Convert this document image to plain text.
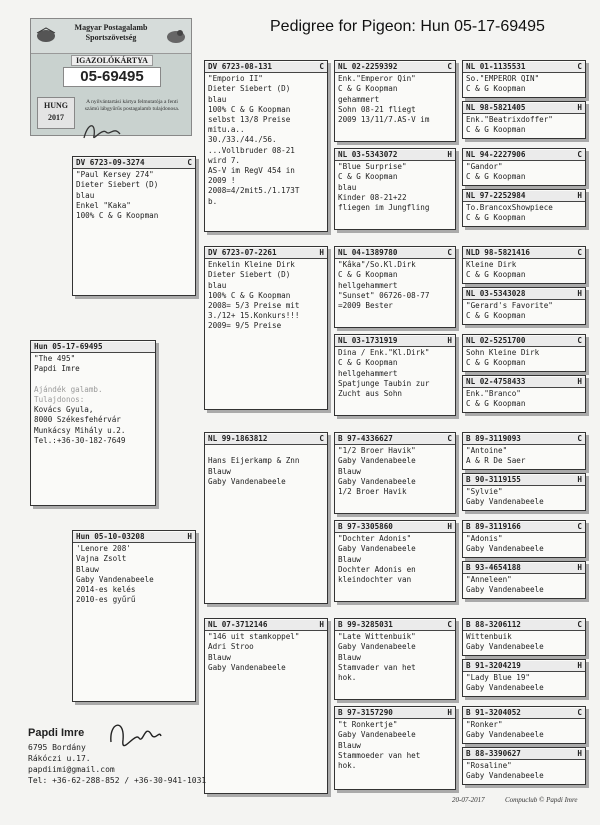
Pedigree for Pigeon: Hun 05-17-69495
Magyar Postagalamb Sportszövetség
IGAZOLÓKÁRTYA
05-69495
HUNG
2017
A nyilvántartási kártya felmutatója a fenti számú lábgyűrűs postagalamb tulajdonosa.
Hun 05-17-69495
"The 495"
Papdi Imre

Ajándék galamb.
Tulajdonos:
Kovács Gyula,
8000 Székesfehérvár
Munkácsy Mihály u.2.
Tel.:+36-30-182-7649
DV 6723-09-3274	C
"Paul Kersey 274"
Dieter Siebert (D)
blau
Enkel "Kaka"
100% C & G Koopman
Hun 05-10-03208	H
'Lenore 208'
Vajna Zsolt
Blauw
Gaby Vandenabeele
2014-es kelés
2010-es gyűrű
DV 6723-08-131	C
"Emporio II"
Dieter Siebert (D)
blau
100% C & G Koopman
selbst 13/8 Preise
mitu.a..
30./33./44./56.
...Vollbruder 08-21
wird 7.
AS-V im RegV 454 in
2009 !
2008=4/2mit5./1.173T
b.
DV 6723-07-2261	H
Enkelin Kleine Dirk
Dieter Siebert (D)
blau
100% C & G Koopman
2008= 5/3 Preise mit
3./12+ 15.Konkurs!!!
2009= 9/5 Preise
NL 99-1863812	C

Hans Eijerkamp & Znn
Blauw
Gaby Vandenabeele
NL 07-3712146	H
"146 uit stamkoppel"
Adri Stroo
Blauw
Gaby Vandenabeele
NL 02-2259392	C
Enk."Emperor Qin"
C & G Koopman
gehammert
Sohn 08-21 fliegt
2009 13/11/7.AS-V im
NL 03-5343072	H
"Blue Surprise"
C & G Koopman
blau
Kinder 08-21+22
fliegen im Jungfling
NL 04-1389780	C
"Kâka"/So.Kl.Dirk
C & G Koopman
hellgehammert
"Sunset" 06726-08-77
=2009 Bester
NL 03-1731919	H
Dina / Enk."Kl.Dirk"
C & G Koopman
hellgehammert
Spatjunge Taubin zur
Zucht aus Sohn
B 97-4336627	C
"1/2 Broer Havik"
Gaby Vandenabeele
Blauw
Gaby Vandenabeele
1/2 Broer Havik
B 97-3305860	H
"Dochter Adonis"
Gaby Vandenabeele
Blauw
Dochter Adonis en
kleindochter van
B 99-3285031	C
"Late Wittenbuik"
Gaby Vandenabeele
Blauw
Stamvader van het
hok.
B 97-3157290	H
"t Ronkertje"
Gaby Vandenabeele
Blauw
Stammoeder van het
hok.
NL 01-1135531	C
So."EMPEROR QIN"
C & G Koopman
NL 98-5821405	H
Enk."Beatrixdoffer"
C & G Koopman
NL 94-2227906	C
"Gandor"
C & G Koopman
NL 97-2252984	H
To.BrancoxShowpiece
C & G Koopman
NLD 98-5821416	C
Kleine Dirk
C & G Koopman
NL 03-5343028	H
"Gerard's Favorite"
C & G Koopman
NL 02-5251700	C
Sohn Kleine Dirk
C & G Koopman
NL 02-4758433	H
Enk."Branco"
C & G Koopman
B 89-3119093	C
"Antoine"
A & R De Saer
B 90-3119155	H
"Sylvie"
Gaby Vandenabeele
B 89-3119166	C
"Adonis"
Gaby Vandenabeele
B 93-4654188	H
"Anneleen"
Gaby Vandenabeele
B 88-3206112	C
Wittenbuik
Gaby Vandenabeele
B 91-3204219	H
"Lady Blue 19"
Gaby Vandenabeele
B 91-3204052	C
"Ronker"
Gaby Vandenabeele
B 88-3390627	H
"Rosaline"
Gaby Vandenabeele
Papdi Imre
6795 Bordány
Rákóczi u.17.
papdiimi@gmail.com
Tel: +36-62-288-852 / +36-30-941-1031
20-07-2017	Compuclub © Papdi Imre
